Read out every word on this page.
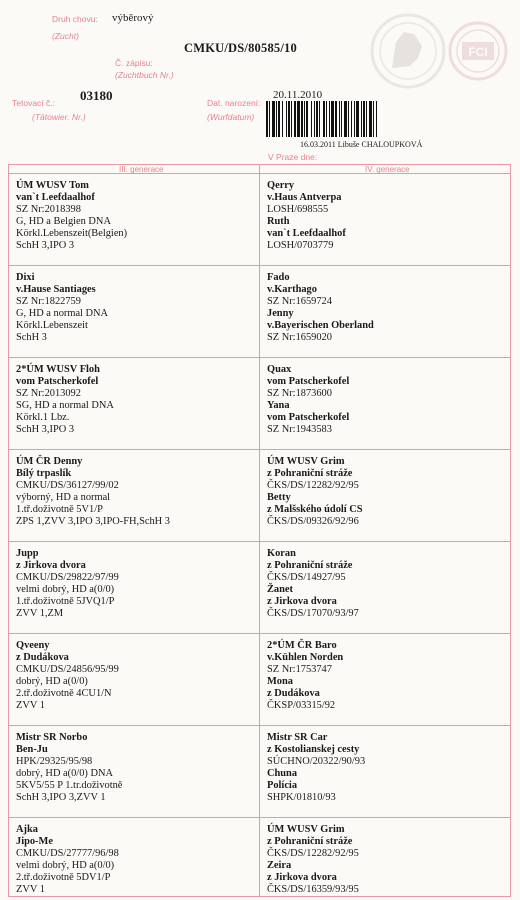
Druh chovu:
(Zucht)
výběrový
CMKU/DS/80585/10
Č. zápisu:
(Zuchtbuch Nr.)
Tetovací č.:
(Tätowier. Nr.)
03180	Dat. narození:
(Wurfdatum)
20.11.2010
FCI
16.03.2011 Libuše CHALOUPKOVÁ
V Praze dne:
III. generace	IV. generace
ÚM WUSV Tom
van`t Leefdaalhof
SZ Nr:2018398
G, HD a Belgien DNA
Körkl.Lebenszeit(Belgien)
SchH 3,IPO 3
Qerry
v.Haus Antverpa
LOSH/698555
Ruth
van`t Leefdaalhof
LOSH/0703779
Dixi
v.Hause Santiages
SZ Nr:1822759
G, HD a normal DNA
Körkl.Lebenszeit
SchH 3
Fado
v.Karthago
SZ Nr:1659724
Jenny
v.Bayerischen Oberland
SZ Nr:1659020
2*ÚM WUSV Floh
vom Patscherkofel
SZ Nr:2013092
SG, HD a normal DNA
Körkl.1 Lbz.
SchH 3,IPO 3
Quax
vom Patscherkofel
SZ Nr:1873600
Yana
vom Patscherkofel
SZ Nr:1943583
ÚM ČR Denny
Bílý trpaslík
CMKU/DS/36127/99/02
výborný, HD a normal
1.tř.doživotně 5V1/P
ZPS 1,ZVV 3,IPO 3,IPO-FH,SchH 3
ÚM WUSV Grim
z Pohraniční stráže
ČKS/DS/12282/92/95
Betty
z Malšského údolí CS
ČKS/DS/09326/92/96
Jupp
z Jirkova dvora
CMKU/DS/29822/97/99
velmi dobrý, HD a(0/0)
1.tř.doživotně 5JVQ1/P
ZVV 1,ZM
Koran
z Pohraniční stráže
ČKS/DS/14927/95
Žanet
z Jirkova dvora
ČKS/DS/17070/93/97
Qveeny
z Dudákova
CMKU/DS/24856/95/99
dobrý, HD a(0/0)
2.tř.doživotně 4CU1/N
ZVV 1
2*ÚM ČR Baro
v.Kühlen Norden
SZ Nr:1753747
Mona
z Dudákova
ČKSP/03315/92
Mistr SR Norbo
Ben-Ju
HPK/29325/95/98
dobrý, HD a(0/0) DNA
5KV5/55 P 1.tr.doživotně
SchH 3,IPO 3,ZVV 1
Mistr SR Car
z Kostolianskej cesty
SÚCHNO/20322/90/93
Chuna
Polícia
SHPK/01810/93
Ajka
Jipo-Me
CMKU/DS/27777/96/98
velmi dobrý, HD a(0/0)
2.tř.doživotně 5DV1/P
ZVV 1
ÚM WUSV Grim
z Pohraniční stráže
ČKS/DS/12282/92/95
Zeira
z Jirkova dvora
ČKS/DS/16359/93/95
